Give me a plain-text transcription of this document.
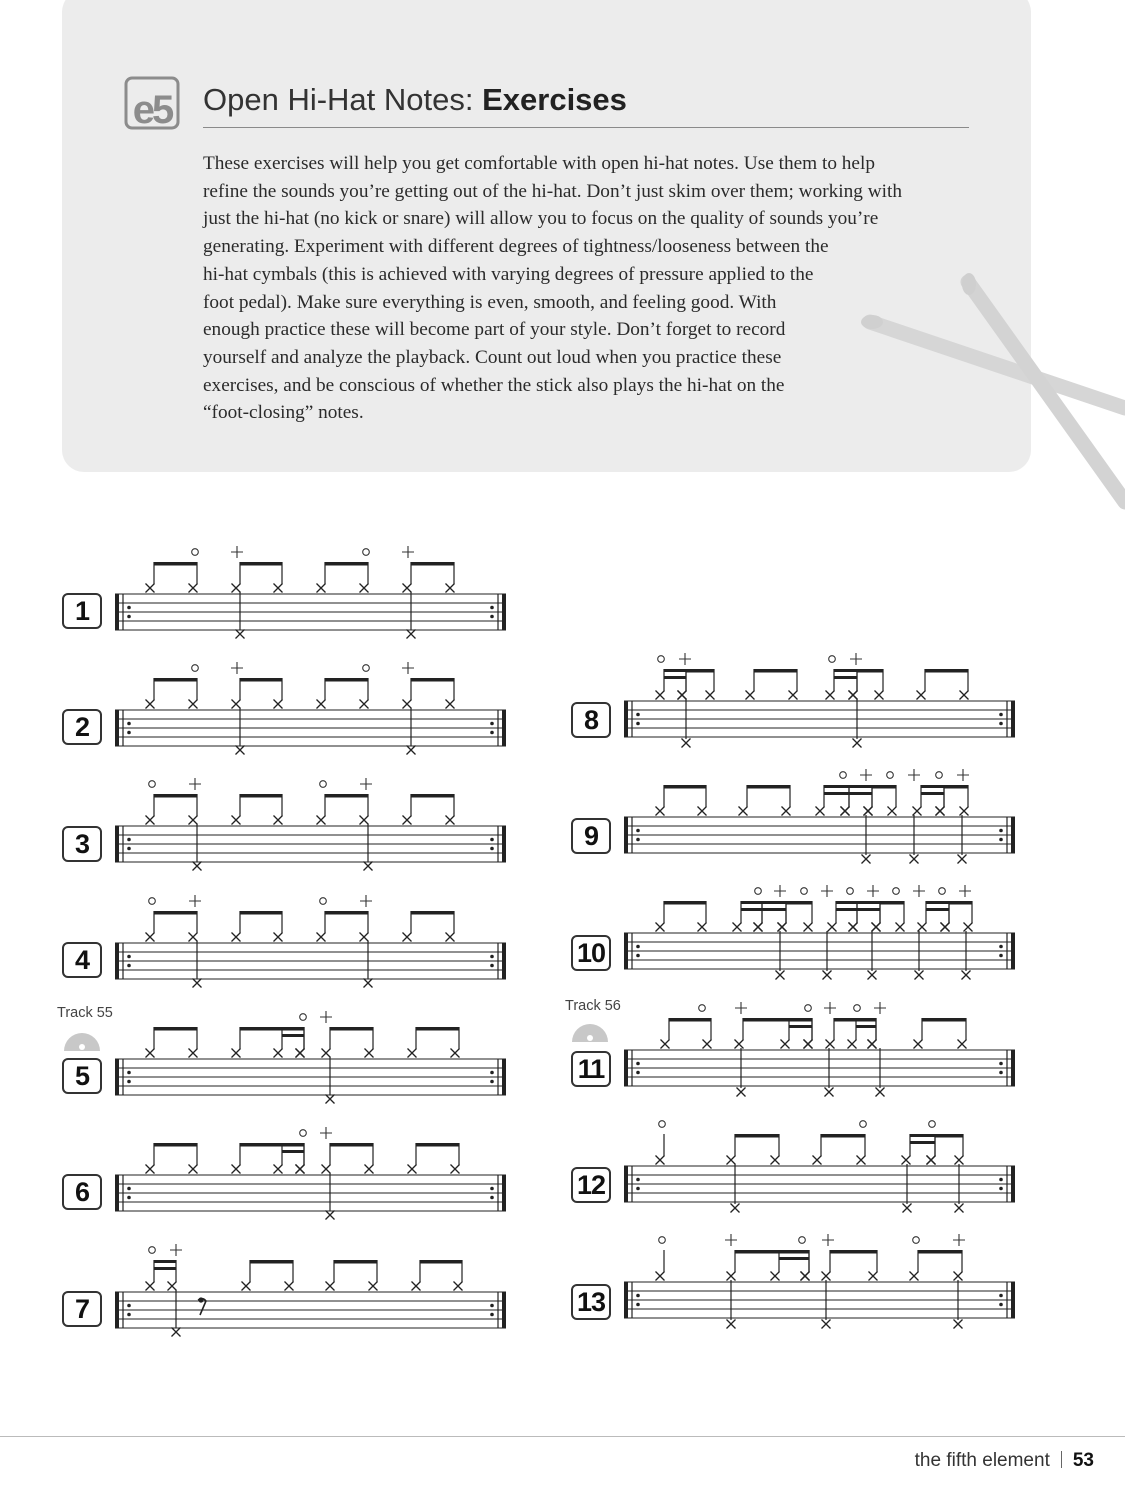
e5 Open Hi-Hat Notes: Exercises

These exercises will help you get comfortable with open hi-hat notes. Use them to help
refine the sounds you’re getting out of the hi-hat. Don’t just skim over them; working with
just the hi-hat (no kick or snare) will allow you to focus on the quality of sounds you’re
generating. Experiment with different degrees of tightness/looseness between the
hi-hat cymbals (this is achieved with varying degrees of pressure applied to the
foot pedal). Make sure everything is even, smooth, and feeling good. With
enough practice these will become part of your style. Don’t forget to record
yourself and analyze the playback. Count out loud when you practice these
exercises, and be conscious of whether the stick also plays the hi-hat on the
“foot-closing” notes.

Track 55	Track 56
1
2
3
4
5
6
7
8
9
10
11
12
13
the fifth element 53
